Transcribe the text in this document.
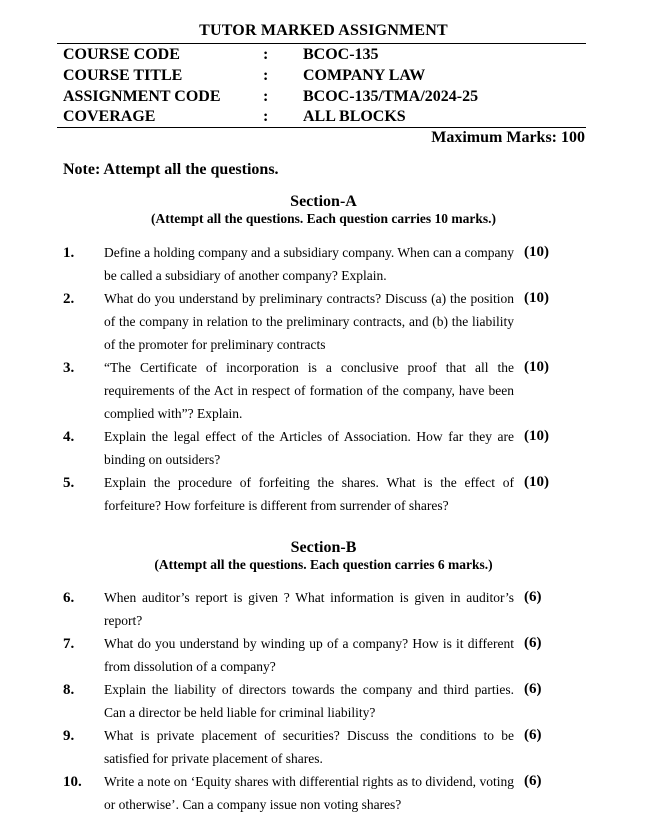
TUTOR MARKED ASSIGNMENT
COURSE CODE	: BCOC-135
COURSE TITLE	: COMPANY LAW
ASSIGNMENT CODE	: BCOC-135/TMA/2024-25
COVERAGE	: ALL BLOCKS
Maximum Marks: 100
Note: Attempt all the questions.
Section-A
(Attempt all the questions. Each question carries 10 marks.)
1. Define a holding company and a subsidiary company. When can a company be called a subsidiary of another company? Explain.
(10)
2. What do you understand by preliminary contracts? Discuss (a) the position of the company in relation to the preliminary contracts, and (b) the liability of the promoter for preliminary contracts
(10)
3. “The Certificate of incorporation is a conclusive proof that all the requirements of the Act in respect of formation of the company, have been complied with”? Explain.
(10)
4. Explain the legal effect of the Articles of Association. How far they are binding on outsiders?
(10)
5. Explain the procedure of forfeiting the shares. What is the effect of forfeiture? How forfeiture is different from surrender of shares?
(10)
Section-B
(Attempt all the questions. Each question carries 6 marks.)
6. When auditor’s report is given ? What information is given in auditor’s report?
(6)
7. What do you understand by winding up of a company? How is it different from dissolution of a company?
(6)
8. Explain the liability of directors towards the company and third parties. Can a director be held liable for criminal liability?
(6)
9. What is private placement of securities? Discuss the conditions to be satisfied for private placement of shares.
(6)
10. Write a note on ‘Equity shares with differential rights as to dividend, voting or otherwise’. Can a company issue non voting shares?
(6)
